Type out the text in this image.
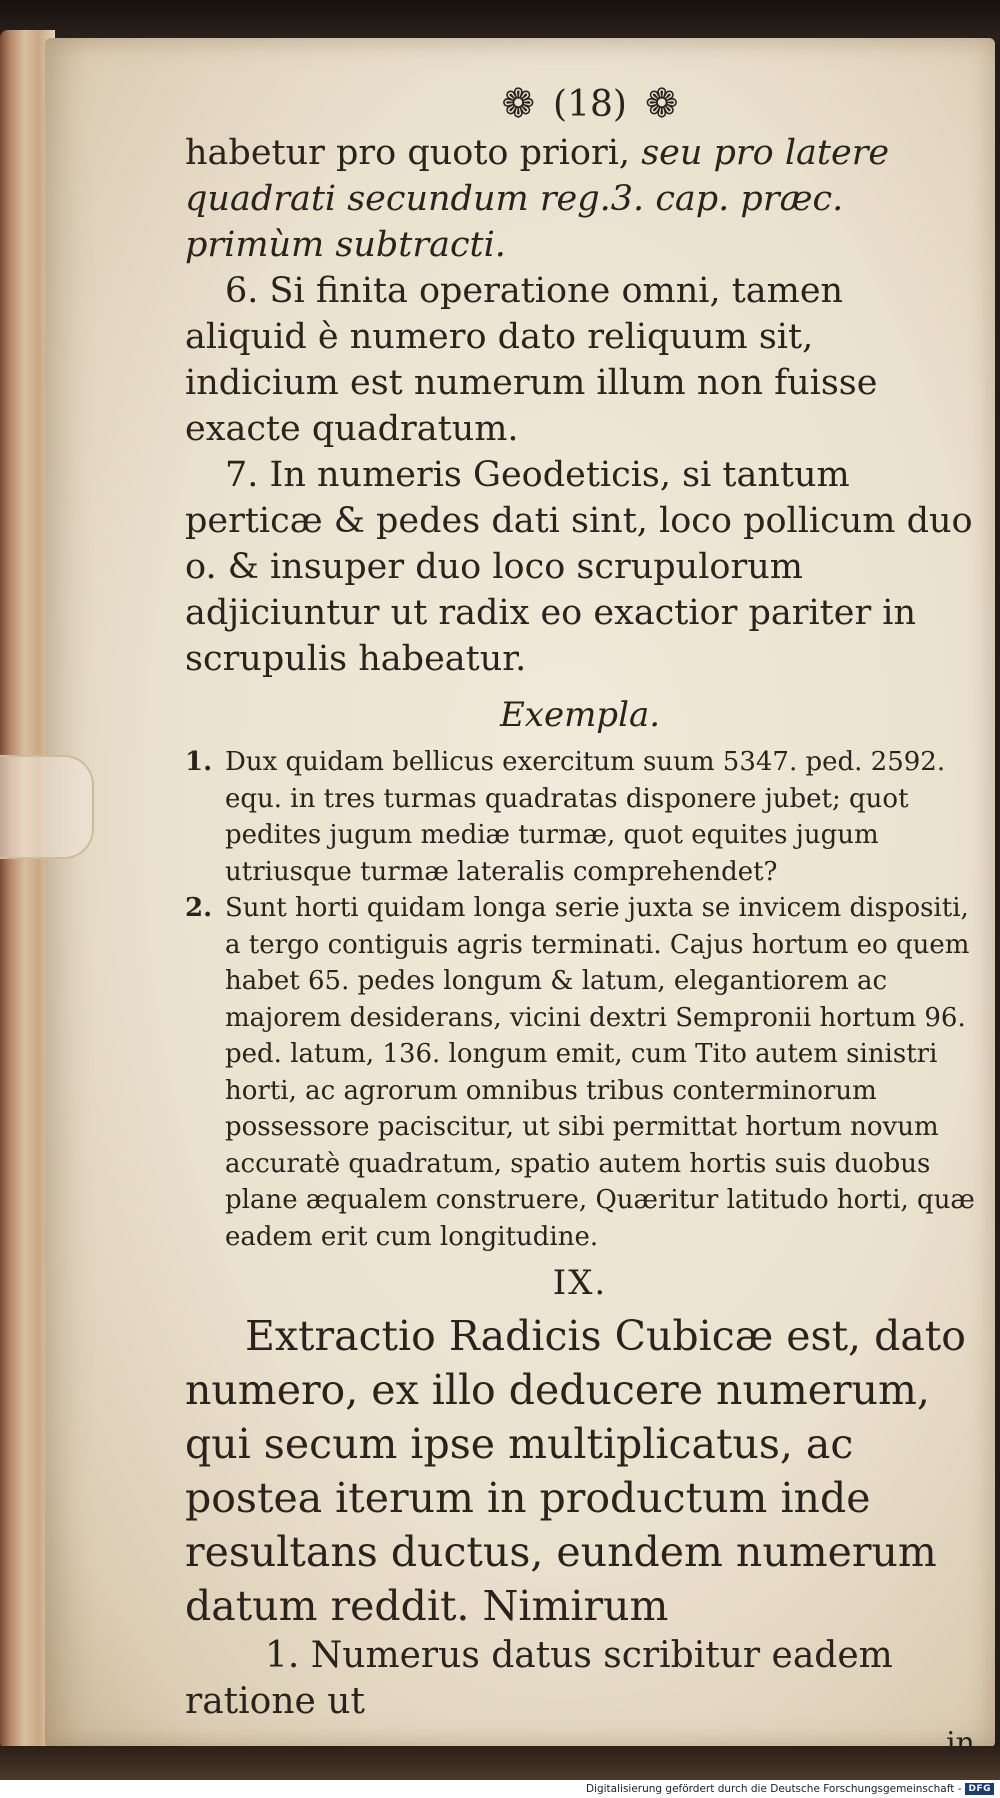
❁ (18) ❁

habetur pro quoto priori, seu pro latere quadrati secundum reg.3. cap. præc. primùm subtracti.

6. Si finita operatione omni, tamen aliquid è numero dato reliquum sit, indicium est numerum illum non fuisse exacte quadratum.

7. In numeris Geodeticis, si tantum perticæ & pedes dati sint, loco pollicum duo o. & insuper duo loco scrupulorum adjiciuntur ut radix eo exactior pariter in scrupulis habeatur.

Exempla.
1. Dux quidam bellicus exercitum suum 5347. ped. 2592. equ. in tres turmas quadratas disponere jubet; quot pedites jugum mediæ turmæ, quot equites jugum utriusque turmæ lateralis comprehendet?
2. Sunt horti quidam longa serie juxta se invicem dispositi, a tergo contiguis agris terminati. Cajus hortum eo quem habet 65. pedes longum & latum, elegantiorem ac majorem desiderans, vicini dextri Sempronii hortum 96. ped. latum, 136. longum emit, cum Tito autem sinistri horti, ac agrorum omnibus tribus conterminorum possessore paciscitur, ut sibi permittat hortum novum accuratè quadratum, spatio autem hortis suis duobus plane æqualem construere, Quæritur latitudo horti, quæ eadem erit cum longitudine.
IX.

Extractio Radicis Cubicæ est, dato numero, ex illo deducere numerum, qui secum ipse multiplicatus, ac postea iterum in productum inde resultans ductus, eundem numerum datum reddit. Nimirum

1. Numerus datus scribitur eadem ratione ut

in

Digitalisierung gefördert durch die Deutsche Forschungsgemeinschaft - DFG
